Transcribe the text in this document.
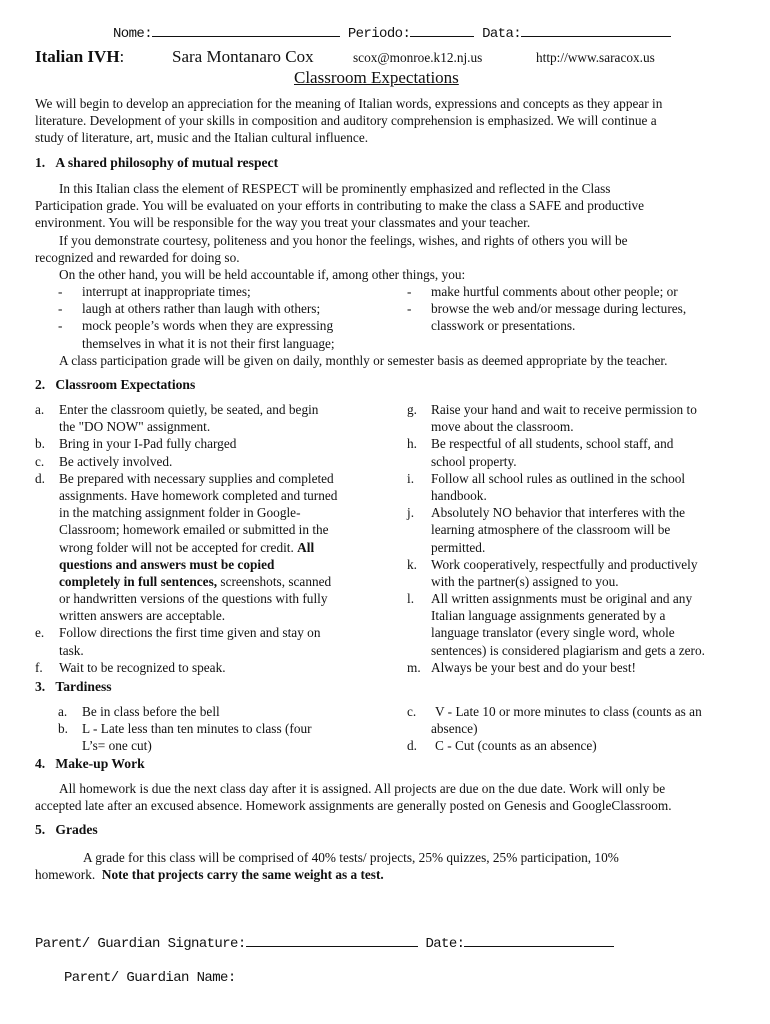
Nome:	Periodo:	Data:
Italian IVH:	Sara Montanaro Cox	scox@monroe.k12.nj.us	http://www.saracox.us
Classroom Expectations
We will begin to develop an appreciation for the meaning of Italian words, expressions and concepts as they appear in
literature. Development of your skills in composition and auditory comprehension is emphasized. We will continue a
study of literature, art, music and the Italian cultural influence.
1. A shared philosophy of mutual respect
In this Italian class the element of RESPECT will be prominently emphasized and reflected in the Class
Participation grade. You will be evaluated on your efforts in contributing to make the class a SAFE and productive
environment. You will be responsible for the way you treat your classmates and your teacher.
If you demonstrate courtesy, politeness and you honor the feelings, wishes, and rights of others you will be
recognized and rewarded for doing so.
On the other hand, you will be held accountable if, among other things, you:
- interrupt at inappropriate times;
- laugh at others rather than laugh with others;
- mock people’s words when they are expressing
themselves in what it is not their first language;
- make hurtful comments about other people; or
- browse the web and/or message during lectures,
classwork or presentations.
A class participation grade will be given on daily, monthly or semester basis as deemed appropriate by the teacher.
2. Classroom Expectations
a. Enter the classroom quietly, be seated, and begin
the "DO NOW" assignment.
b. Bring in your I-Pad fully charged
c. Be actively involved.
d. Be prepared with necessary supplies and completed
assignments. Have homework completed and turned
in the matching assignment folder in Google-
Classroom; homework emailed or submitted in the
wrong folder will not be accepted for credit. All
questions and answers must be copied
completely in full sentences, screenshots, scanned
or handwritten versions of the questions with fully
written answers are acceptable.
e. Follow directions the first time given and stay on
task.
f. Wait to be recognized to speak.
g. Raise your hand and wait to receive permission to
move about the classroom.
h. Be respectful of all students, school staff, and
school property.
i. Follow all school rules as outlined in the school
handbook.
j. Absolutely NO behavior that interferes with the
learning atmosphere of the classroom will be
permitted.
k. Work cooperatively, respectfully and productively
with the partner(s) assigned to you.
l. All written assignments must be original and any
Italian language assignments generated by a
language translator (every single word, whole
sentences) is considered plagiarism and gets a zero.
m. Always be your best and do your best!
3. Tardiness
a. Be in class before the bell
b. L - Late less than ten minutes to class (four
L’s= one cut)
c. V - Late 10 or more minutes to class (counts as an
absence)
d. C - Cut (counts as an absence)
4. Make-up Work
All homework is due the next class day after it is assigned. All projects are due on the due date. Work will only be
accepted late after an excused absence. Homework assignments are generally posted on Genesis and GoogleClassroom.
5. Grades
A grade for this class will be comprised of 40% tests/ projects, 25% quizzes, 25% participation, 10%
homework. Note that projects carry the same weight as a test.
Parent/ Guardian Signature:	Date:
Parent/ Guardian Name:
